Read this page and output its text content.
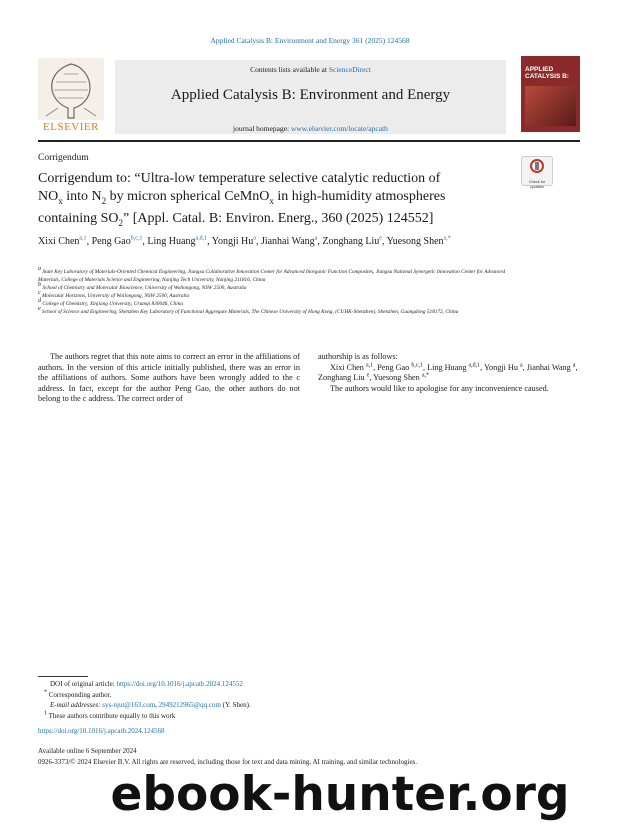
Applied Catalysis B: Environment and Energy 361 (2025) 124568
ELSEVIER
Contents lists available at ScienceDirect
Applied Catalysis B: Environment and Energy
journal homepage: www.elsevier.com/locate/apcatb
APPLIED
CATALYSIS B:
Corrigendum
Check for updates
Corrigendum to: “Ultra-low temperature selective catalytic reduction of
$NO_x$ into $N_2$ by micron spherical CeMnO$_x$ in high-humidity atmospheres
containing $SO_2$” [Appl. Catal. B: Environ. Energ., 360 (2025) 124552]
Xixi Chen$^{a,1}$, Peng Gao$^{b,c,1}$, Ling Huang$^{a,d,1}$, Yongji Hu$^a$, Jianhai Wang$^a$, Zonghang Liu$^e$, Yuesong Shen$^{a,*}$
$^a$ State Key Laboratory of Materials-Oriented Chemical Engineering, Jiangsu Collaborative Innovation Center for Advanced Inorganic Function Composites, Jiangsu National Synergetic Innovation Center for Advanced Materials, College of Materials Science and Engineering, Nanjing Tech University, Nanjing 211816, China
$^b$ School of Chemistry and Molecular Bioscience, University of Wollongong, NSW 2500, Australia
$^c$ Molecular Horizons, University of Wollongong, NSW 2500, Australia
$^d$ College of Chemistry, Xinjiang University, Urumqi 830046, China
$^e$ School of Science and Engineering, Shenzhen Key Laboratory of Functional Aggregate Materials, The Chinese University of Hong Kong, (CUHK-Shenzhen), Shenzhen, Guangdong 518172, China
The authors regret that this note aims to correct an error in the affiliations of authors. In the version of this article initially published, there was an error in the affiliations of authors. Some authors have been wrongly added to the c address. In fact, except for the author Peng Gao, the other authors do not belong to the c address. The correct order of
authorship is as follows:
Xixi Chen $^{a,1}$, Peng Gao $^{b,c,1}$, Ling Huang $^{a,d,1}$, Yongji Hu $^a$, Jianhai Wang $^a$, Zonghang Liu $^e$, Yuesong Shen $^{a,*}$
The authors would like to apologise for any inconvenience caused.
DOI of original article: https://doi.org/10.1016/j.apcatb.2024.124552
* Corresponding author.
E-mail addresses: sys-njut@163.com, 2949212965@qq.com (Y. Shen).
$^1$ These authors contribute equally to this work
https://doi.org/10.1016/j.apcatb.2024.124568
Available online 6 September 2024
0926-3373/© 2024 Elsevier B.V. All rights are reserved, including those for text and data mining, AI training, and similar technologies.
ebook-hunter.org
